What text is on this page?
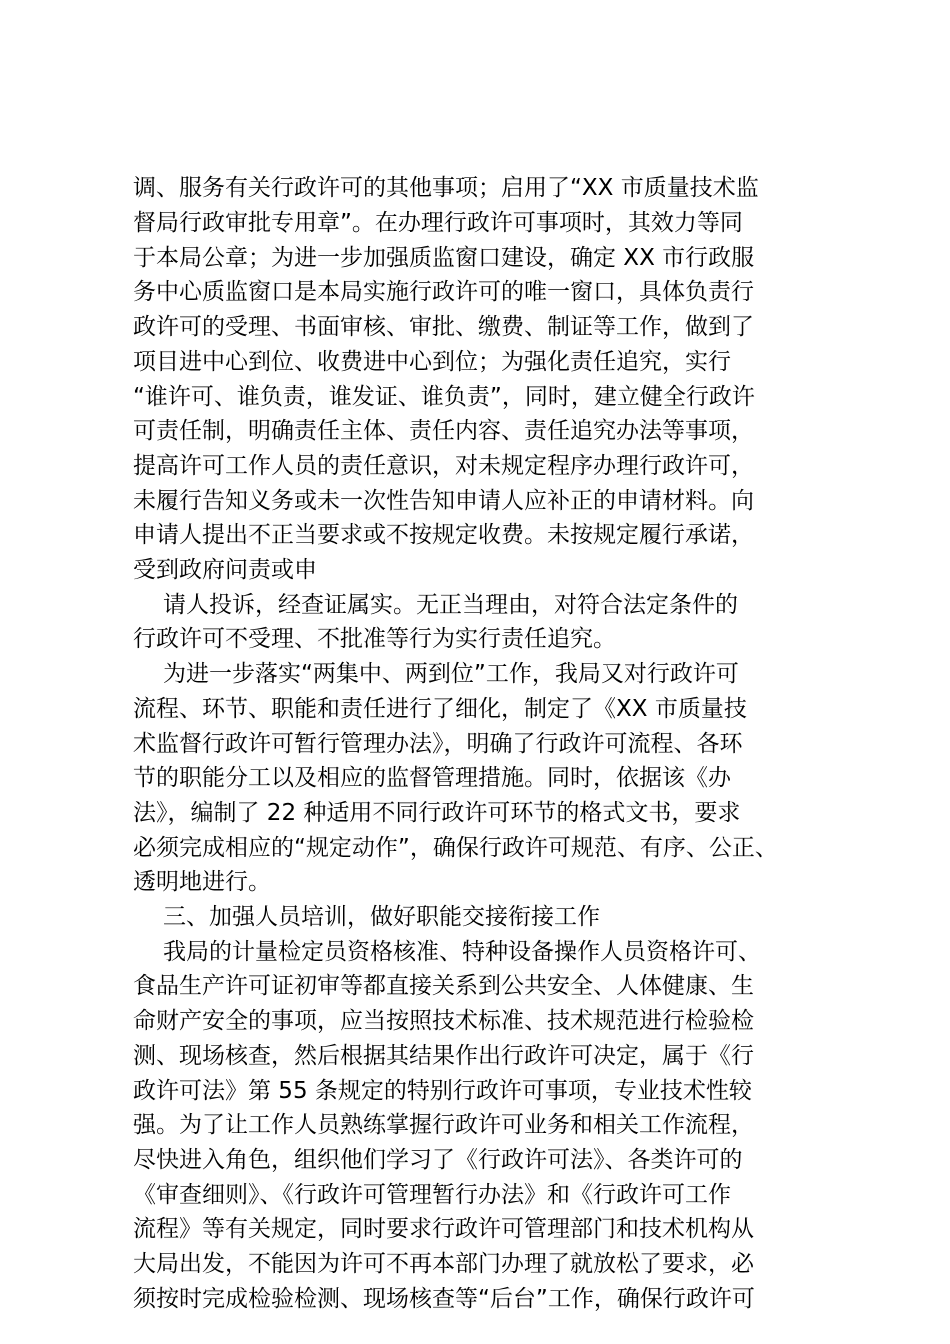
调、服务有关行政许可的其他事项；启用了“XX 市质量技术监
督局行政审批专用章”。在办理行政许可事项时，其效力等同
于本局公章；为进一步加强质监窗口建设，确定 XX 市行政服
务中心质监窗口是本局实施行政许可的唯一窗口，具体负责行
政许可的受理、书面审核、审批、缴费、制证等工作，做到了
项目进中心到位、收费进中心到位；为强化责任追究，实行
“谁许可、谁负责，谁发证、谁负责”，同时，建立健全行政许
可责任制，明确责任主体、责任内容、责任追究办法等事项，
提高许可工作人员的责任意识，对未规定程序办理行政许可，
未履行告知义务或未一次性告知申请人应补正的申请材料。向
申请人提出不正当要求或不按规定收费。未按规定履行承诺，
受到政府问责或申
请人投诉，经查证属实。无正当理由，对符合法定条件的
行政许可不受理、不批准等行为实行责任追究。
为进一步落实“两集中、两到位”工作，我局又对行政许可
流程、环节、职能和责任进行了细化，制定了《XX 市质量技
术监督行政许可暂行管理办法》，明确了行政许可流程、各环
节的职能分工以及相应的监督管理措施。同时，依据该《办
法》，编制了 22 种适用不同行政许可环节的格式文书，要求
必须完成相应的“规定动作”，确保行政许可规范、有序、公正、
透明地进行。
三、加强人员培训，做好职能交接衔接工作
我局的计量检定员资格核准、特种设备操作人员资格许可、
食品生产许可证初审等都直接关系到公共安全、人体健康、生
命财产安全的事项，应当按照技术标准、技术规范进行检验检
测、现场核查，然后根据其结果作出行政许可决定，属于《行
政许可法》第 55 条规定的特别行政许可事项，专业技术性较
强。为了让工作人员熟练掌握行政许可业务和相关工作流程，
尽快进入角色，组织他们学习了《行政许可法》、各类许可的
《审查细则》、《行政许可管理暂行办法》和《行政许可工作
流程》等有关规定，同时要求行政许可管理部门和技术机构从
大局出发，不能因为许可不再本部门办理了就放松了要求，必
须按时完成检验检测、现场核查等“后台”工作，确保行政许可
